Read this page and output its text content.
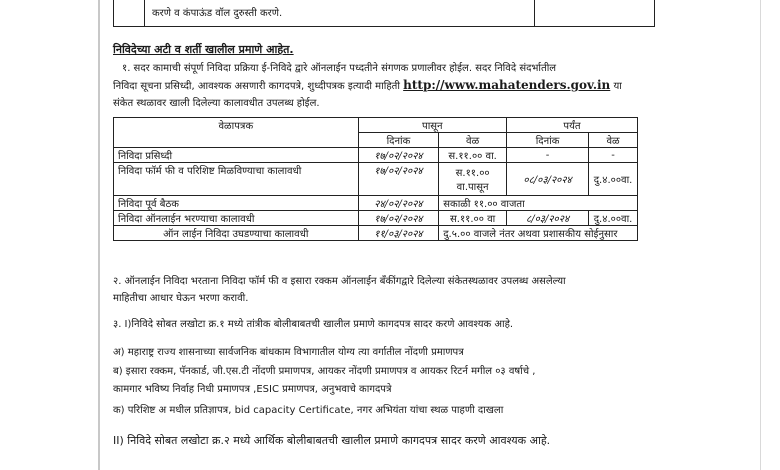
करणे व कंपाऊंड वॉल दुरुस्ती करणे.
निविदेच्या अटी व शर्ती खालील प्रमाणे आहेत.
१. सदर कामाची संपूर्ण निविदा प्रक्रिया ई-निविदे द्वारे ऑनलाईन पध्दतीने संगणक प्रणालीवर होईल. सदर निविदे संदर्भातील
निविदा सूचना प्रसिध्दी, आवश्यक असणारी कागदपत्रे, शुध्दीपत्रक इत्यादी माहिती http://www.mahatenders.gov.in या
संकेत स्थळावर खाली दिलेल्या कालावधीत उपलब्ध होईल.
वेळापत्रक	पासून		पर्यंत	
	दिनांक	वेळ	दिनांक	वेळ
निविदा प्रसिध्दी	१७/०२/२०२४	स.११.०० वा.	-	-
निविदा फॉर्म फी व परिशिष्ट मिळविण्याचा कालावधी	१७/०२/२०२४	स.११.००
वा.पासून	०८/०३/२०२४	दु.४.००वा.
निविदा पूर्व बैठक	२४/०२/२०२४	सकाळी ११.०० वाजता		
निविदा ऑनलाईन भरण्याचा कालावधी	१७/०२/२०२४	स.११.०० वा	८/०३/२०२४	दु.४.००वा.
ऑन लाईन निविदा उघडण्याचा कालावधी	११/०३/२०२४	दु.५.०० वाजले नंतर अथवा प्रशासकीय सोईनुसार		
२. ऑनलाईन निविदा भरताना निविदा फॉर्म फी व इसारा रक्कम ऑनलाईन बँकींगद्वारे दिलेल्या संकेतस्थळावर उपलब्ध असलेल्या
माहितीचा आधार घेऊन भरणा करावी.
३. I)निविदे सोबत लखोटा क्र.१ मध्ये तांत्रीक बोलीबाबतची खालील प्रमाणे कागदपत्र सादर करणे आवश्यक आहे.
अ) महाराष्ट्र राज्य शासनाच्या सार्वजनिक बांधकाम विभागातील योग्य त्या वर्गातील नोंदणी प्रमाणपत्र
ब) इसारा रक्कम, पॅनकार्ड, जी.एस.टी नोंदणी प्रमाणपत्र, आयकर नोंदणी प्रमाणपत्र व आयकर रिटर्न मगील ०३ वर्षाचे ,
कामगार भविष्य निर्वाह निधी प्रमाणपत्र ,ESIC प्रमाणपत्र, अनुभवाचे कागदपत्रे
क) परिशिष्ट अ मधील प्रतिज्ञापत्र, bid capacity Certificate, नगर अभियंता यांचा स्थळ पाहणी दाखला
II) निविदे सोबत लखोटा क्र.२ मध्ये आर्थिक बोलीबाबतची खालील प्रमाणे कागदपत्र सादर करणे आवश्यक आहे.
